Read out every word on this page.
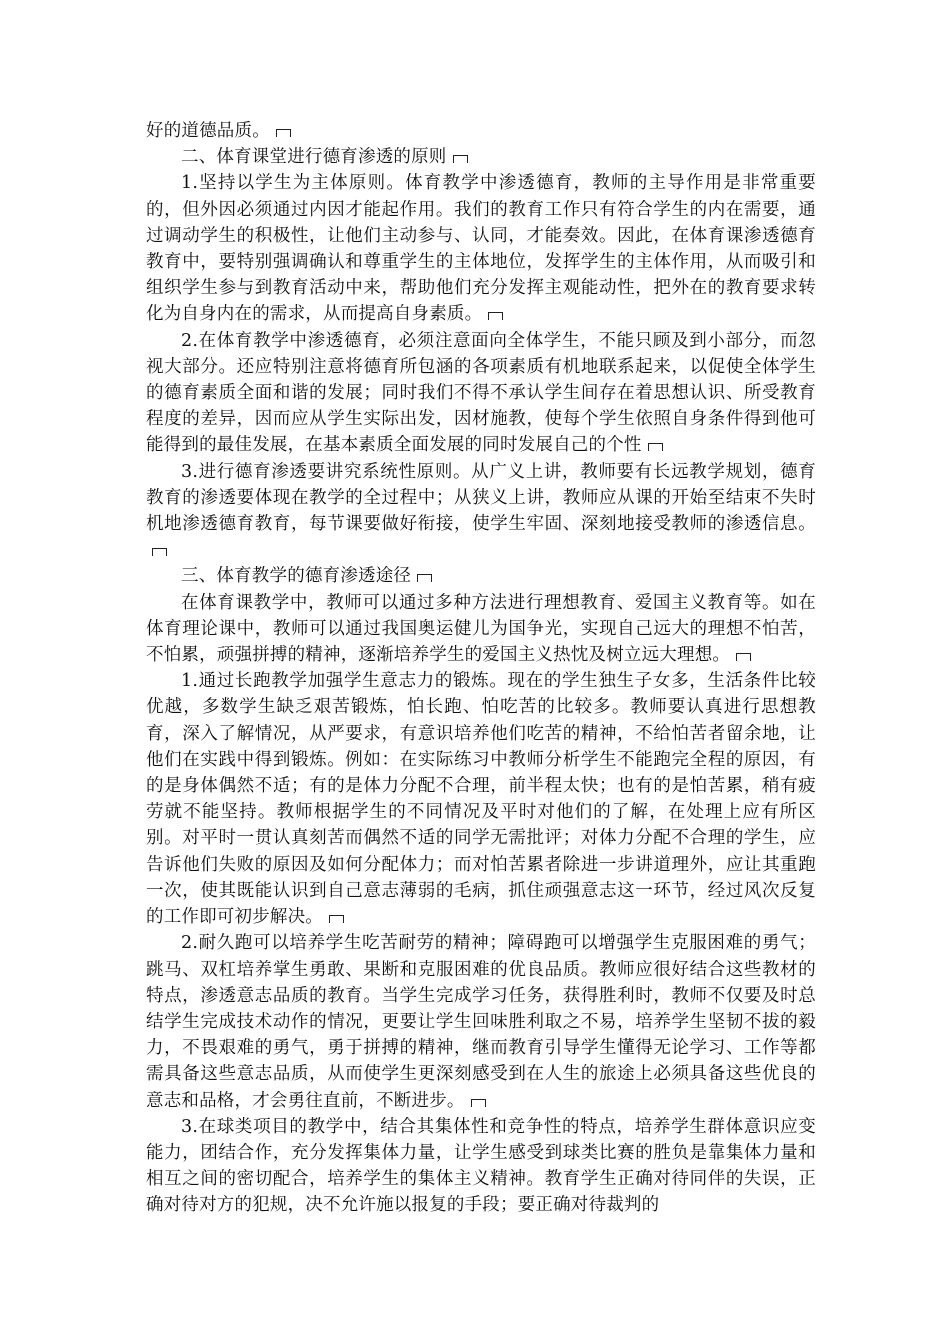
好的道德品质。

二、体育课堂进行德育渗透的原则

1.坚持以学生为主体原则。体育教学中渗透德育，教师的主导作用是非常重要的，但外因必须通过内因才能起作用。我们的教育工作只有符合学生的内在需要，通过调动学生的积极性，让他们主动参与、认同，才能奏效。因此，在体育课渗透德育教育中，要特别强调确认和尊重学生的主体地位，发挥学生的主体作用，从而吸引和组织学生参与到教育活动中来，帮助他们充分发挥主观能动性，把外在的教育要求转化为自身内在的需求，从而提高自身素质。

2.在体育教学中渗透德育，必须注意面向全体学生，不能只顾及到小部分，而忽视大部分。还应特别注意将德育所包涵的各项素质有机地联系起来，以促使全体学生的德育素质全面和谐的发展；同时我们不得不承认学生间存在着思想认识、所受教育程度的差异，因而应从学生实际出发，因材施教，使每个学生依照自身条件得到他可能得到的最佳发展，在基本素质全面发展的同时发展自己的个性

3.进行德育渗透要讲究系统性原则。从广义上讲，教师要有长远教学规划，德育教育的渗透要体现在教学的全过程中；从狭义上讲，教师应从课的开始至结束不失时机地渗透德育教育，每节课要做好衔接，使学生牢固、深刻地接受教师的渗透信息。

三、体育教学的德育渗透途径

在体育课教学中，教师可以通过多种方法进行理想教育、爱国主义教育等。如在体育理论课中，教师可以通过我国奥运健儿为国争光，实现自己远大的理想不怕苦，不怕累，顽强拼搏的精神，逐渐培养学生的爱国主义热忱及树立远大理想。

1.通过长跑教学加强学生意志力的锻炼。现在的学生独生子女多，生活条件比较优越，多数学生缺乏艰苦锻炼，怕长跑、怕吃苦的比较多。教师要认真进行思想教育，深入了解情况，从严要求，有意识培养他们吃苦的精神，不给怕苦者留余地，让他们在实践中得到锻炼。例如：在实际练习中教师分析学生不能跑完全程的原因，有的是身体偶然不适；有的是体力分配不合理，前半程太快；也有的是怕苦累，稍有疲劳就不能坚持。教师根据学生的不同情况及平时对他们的了解，在处理上应有所区别。对平时一贯认真刻苦而偶然不适的同学无需批评；对体力分配不合理的学生，应告诉他们失败的原因及如何分配体力；而对怕苦累者除进一步讲道理外，应让其重跑一次，使其既能认识到自己意志薄弱的毛病，抓住顽强意志这一环节，经过风次反复的工作即可初步解决。

2.耐久跑可以培养学生吃苦耐劳的精神；障碍跑可以增强学生克服困难的勇气；跳马、双杠培养掌生勇敢、果断和克服困难的优良品质。教师应很好结合这些教材的特点，渗透意志品质的教育。当学生完成学习任务，获得胜利时，教师不仅要及时总结学生完成技术动作的情况，更要让学生回味胜利取之不易，培养学生坚韧不拔的毅力，不畏艰难的勇气，勇于拼搏的精神，继而教育引导学生懂得无论学习、工作等都需具备这些意志品质，从而使学生更深刻感受到在人生的旅途上必须具备这些优良的意志和品格，才会勇往直前，不断进步。

3.在球类项目的教学中，结合其集体性和竞争性的特点，培养学生群体意识应变能力，团结合作，充分发挥集体力量，让学生感受到球类比赛的胜负是靠集体力量和相互之间的密切配合，培养学生的集体主义精神。教育学生正确对待同伴的失误，正确对待对方的犯规，决不允许施以报复的手段；要正确对待裁判的
